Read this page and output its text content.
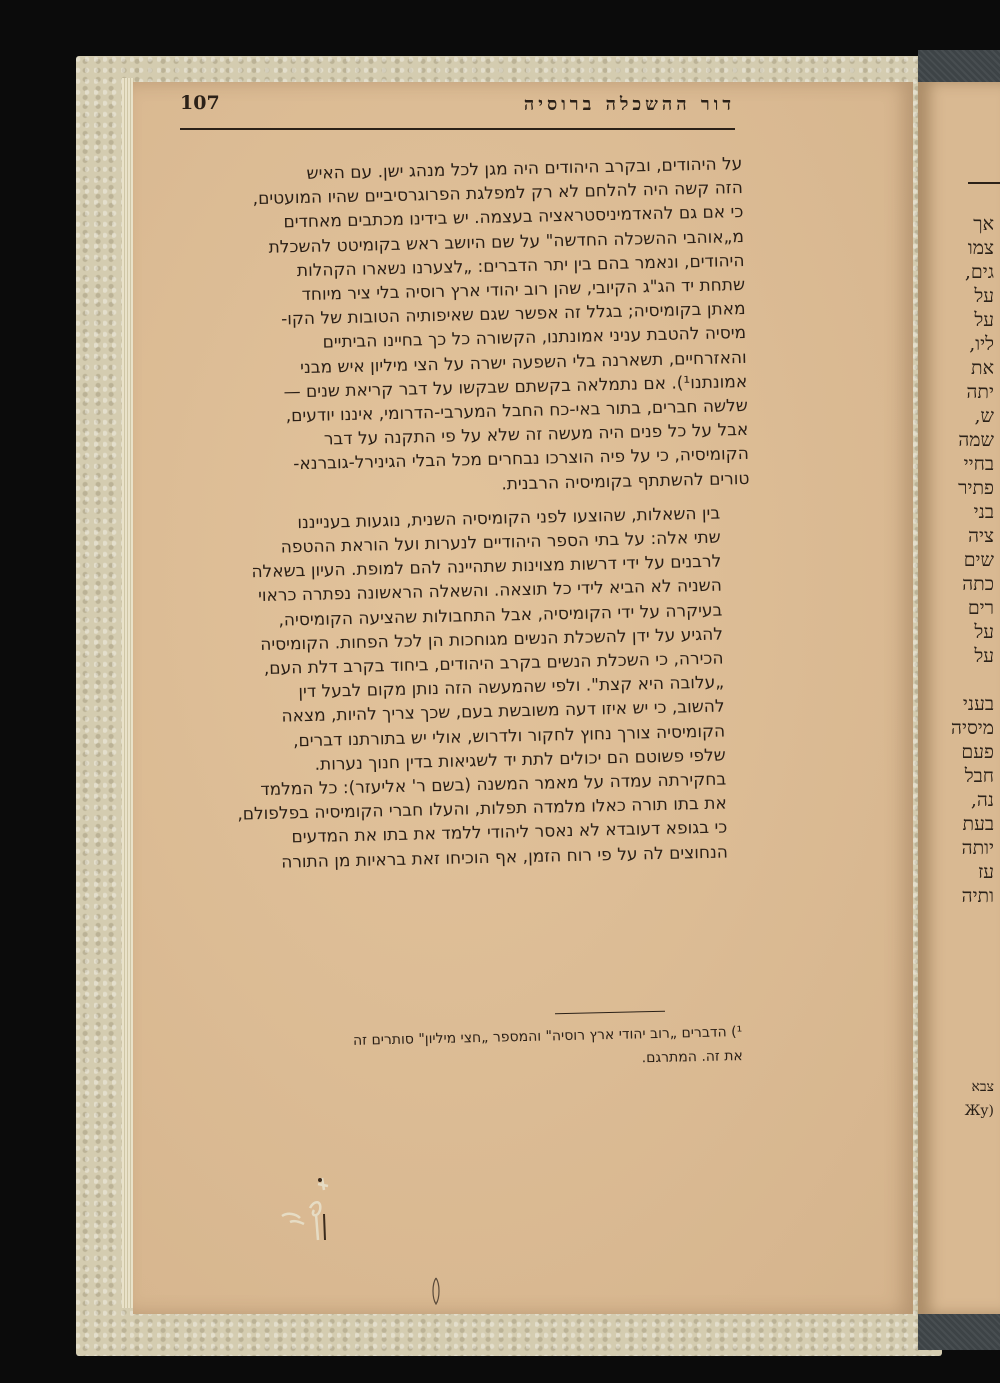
אך
צמו
גים,
על
על
ליו,
את
יתה
ש,
שמה
בחיי
פתיר
בני
ציה
שים
כתה
רים
על
על
בעני
מיסיה
פעם
חבל
נה,
בעת
יותה
עז
ותיה
צבא
(Жу
107	דור ההשכלה ברוסיה

על היהודים, ובקרב היהודים היה מגן לכל מנהג ישן. עם האיש
הזה קשה היה להלחם לא רק למפלגת הפרוגרסיביים שהיו המועטים,
כי אם גם להאדמיניסטראציה בעצמה. יש בידינו מכתבים מאחדים
מ„אוהבי ההשכלה החדשה" על שם היושב ראש בקומיטט להשכלת
היהודים, ונאמר בהם בין יתר הדברים: „לצערנו נשארו הקהלות
שתחת יד הג"ג הקיובי, שהן רוב יהודי ארץ רוסיה בלי ציר מיוחד
מאתן בקומיסיה; בגלל זה אפשר שגם שאיפותיה הטובות של הקו-
מיסיה להטבת עניני אמונתנו, הקשורה כל כך בחיינו הביתיים
והאזרחיים, תשארנה בלי השפעה ישרה על הצי מיליון איש מבני
אמונתנו¹). אם נתמלאה בקשתם שבקשו על דבר קריאת שנים —
שלשה חברים, בתור באי-כח החבל המערבי-הדרומי, איננו יודעים,
אבל על כל פנים היה מעשה זה שלא על פי התקנה על דבר
הקומיסיה, כי על פיה הוצרכו נבחרים מכל הבלי הגינירל-גוברנא-
טורים להשתתף בקומיסיה הרבנית.

בין השאלות, שהוצעו לפני הקומיסיה השנית, נוגעות בענייננו
שתי אלה: על בתי הספר היהודיים לנערות ועל הוראת ההטפה
לרבנים על ידי דרשות מצוינות שתהיינה להם למופת. העיון בשאלה
השניה לא הביא לידי כל תוצאה. והשאלה הראשונה נפתרה כראוי
בעיקרה על ידי הקומיסיה, אבל התחבולות שהציעה הקומיסיה,
להגיע על ידן להשכלת הנשים מגוחכות הן לכל הפחות. הקומיסיה
הכירה, כי השכלת הנשים בקרב היהודים, ביחוד בקרב דלת העם,
„עלובה היא קצת". ולפי שהמעשה הזה נותן מקום לבעל דין
להשוב, כי יש איזו דעה משובשת בעם, שכך צריך להיות, מצאה
הקומיסיה צורך נחוץ לחקור ולדרוש, אולי יש בתורתנו דברים,
שלפי פשוטם הם יכולים לתת יד לשגיאות בדין חנוך נערות.
בחקירתה עמדה על מאמר המשנה (בשם ר' אליעזר): כל המלמד
את בתו תורה כאלו מלמדה תפלות, והעלו חברי הקומיסיה בפלפולם,
כי בגופא דעובדא לא נאסר ליהודי ללמד את בתו את המדעים
הנחוצים לה על פי רוח הזמן, אף הוכיחו זאת בראיות מן התורה

¹) הדברים „רוב יהודי ארץ רוסיה" והמספר „חצי מיליון" סותרים זה
את זה. המתרגם.
